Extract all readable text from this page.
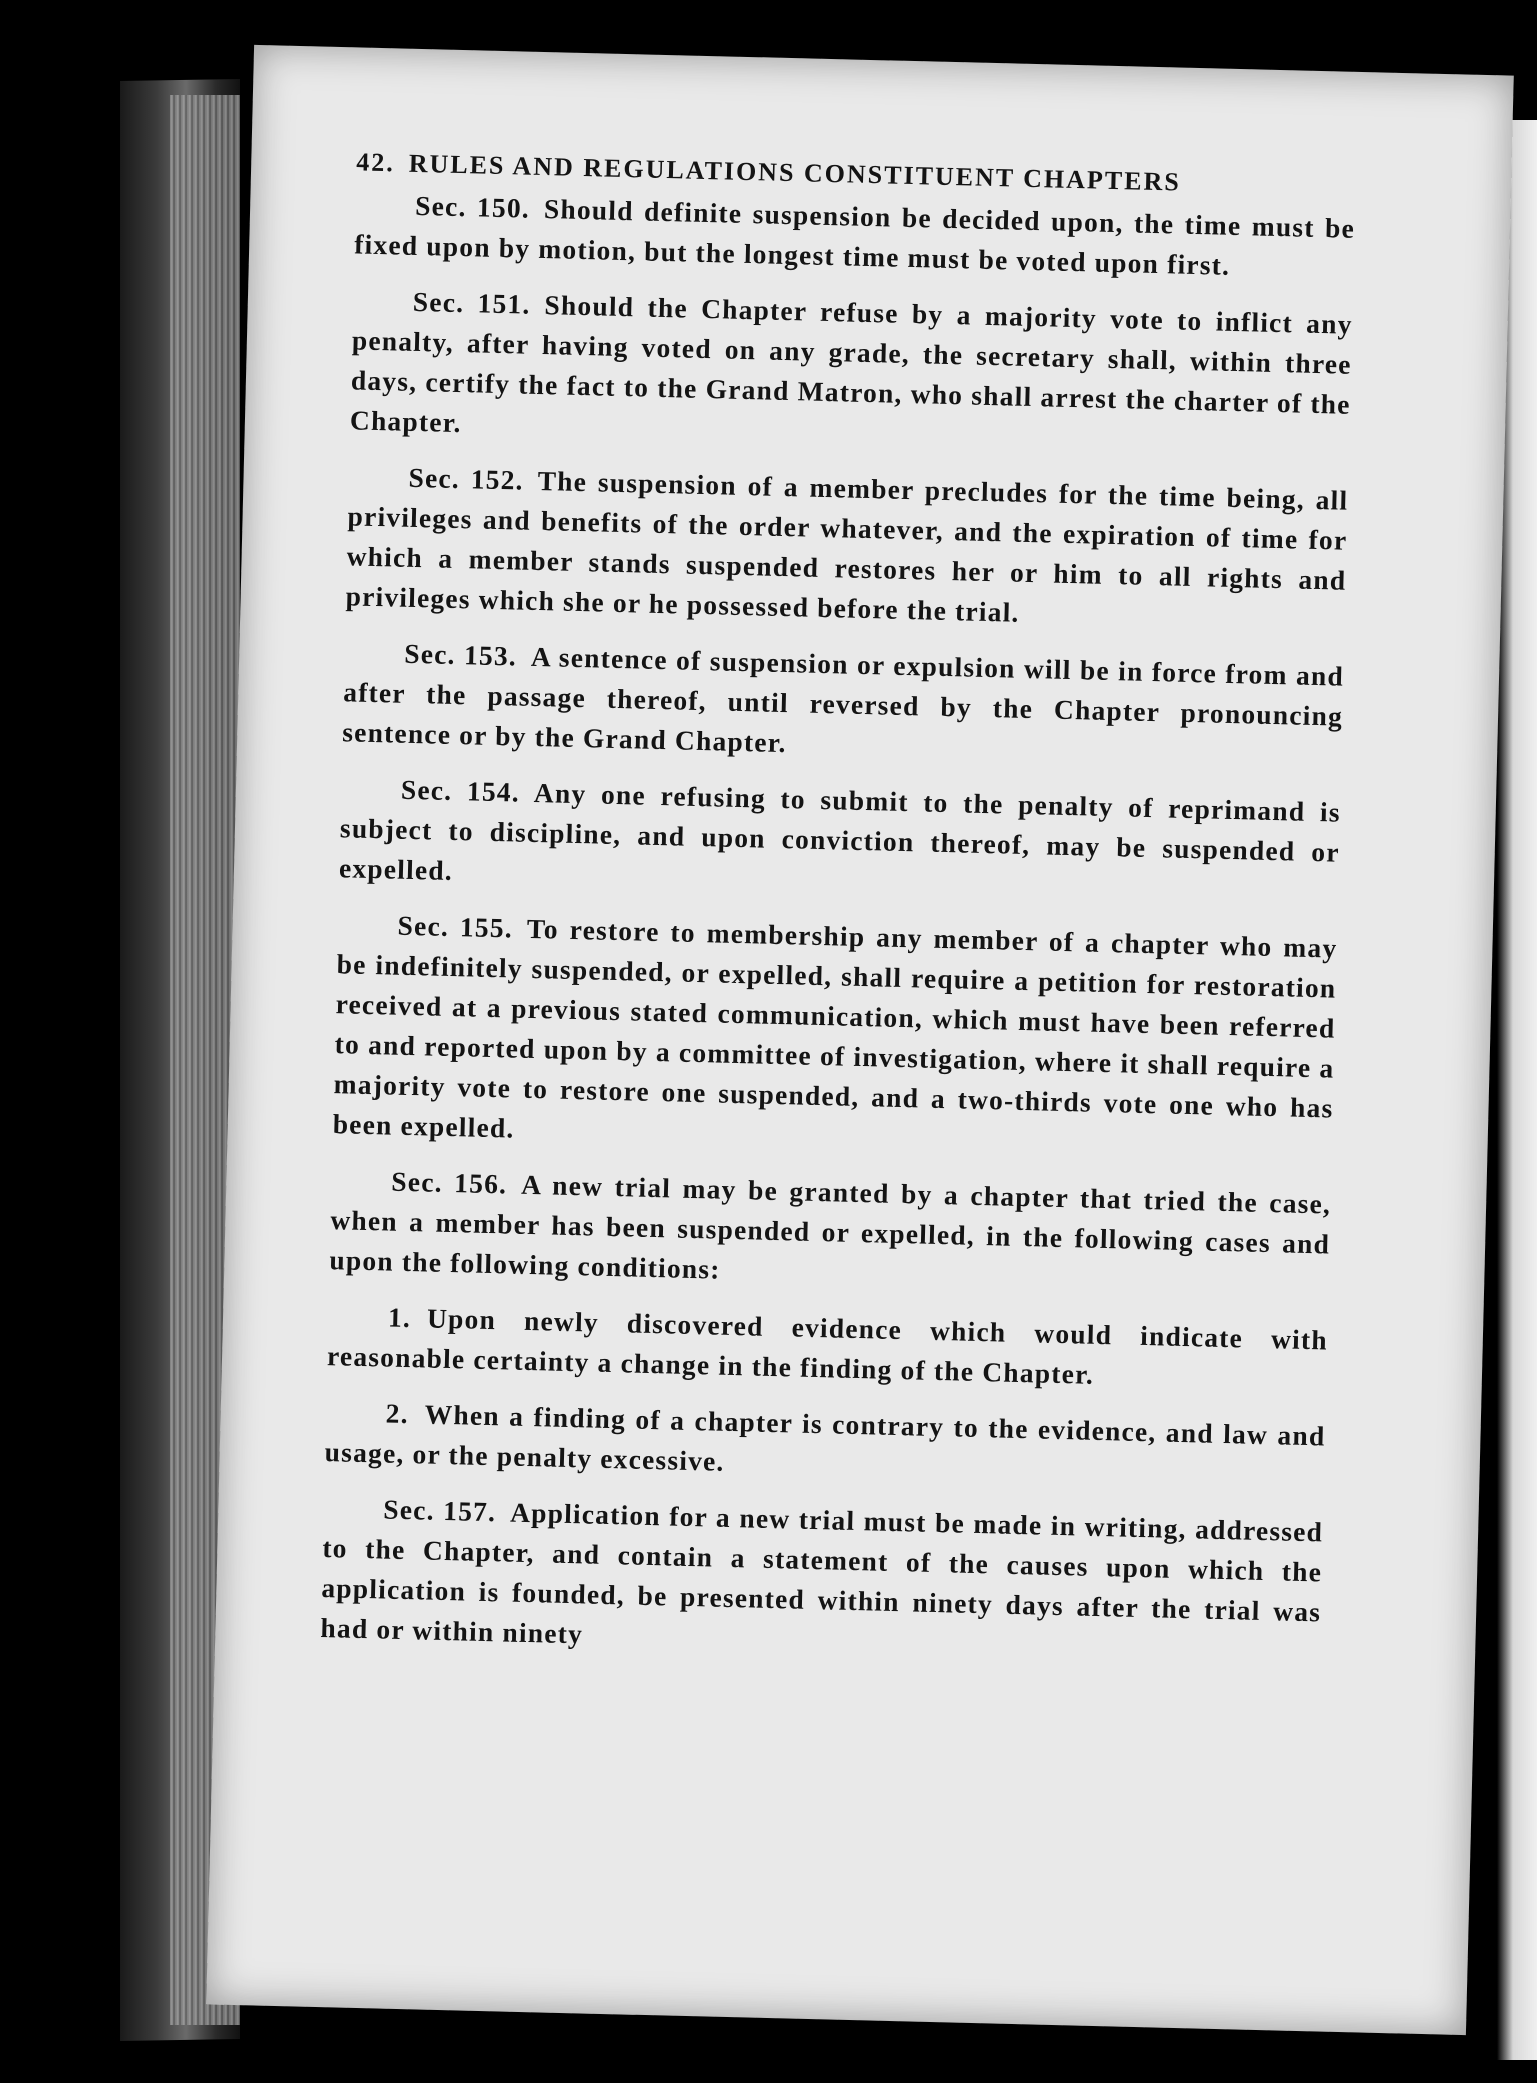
42. RULES AND REGULATIONS CONSTITUENT CHAPTERS

Sec. 150. Should definite suspension be decided upon, the time must be fixed upon by motion, but the longest time must be voted upon first.

Sec. 151. Should the Chapter refuse by a majority vote to inflict any penalty, after having voted on any grade, the secretary shall, within three days, certify the fact to the Grand Matron, who shall arrest the charter of the Chapter.

Sec. 152. The suspension of a member precludes for the time being, all privileges and benefits of the order whatever, and the expiration of time for which a member stands suspended restores her or him to all rights and privileges which she or he possessed before the trial.

Sec. 153. A sentence of suspension or expulsion will be in force from and after the passage thereof, until reversed by the Chapter pronouncing sentence or by the Grand Chapter.

Sec. 154. Any one refusing to submit to the penalty of reprimand is subject to discipline, and upon conviction thereof, may be suspended or expelled.

Sec. 155. To restore to membership any member of a chapter who may be indefinitely suspended, or expelled, shall require a petition for restoration received at a previous stated communication, which must have been referred to and reported upon by a committee of investigation, where it shall require a majority vote to restore one suspended, and a two-thirds vote one who has been expelled.

Sec. 156. A new trial may be granted by a chapter that tried the case, when a member has been suspended or expelled, in the following cases and upon the following conditions:

1. Upon newly discovered evidence which would indicate with reasonable certainty a change in the finding of the Chapter.

2. When a finding of a chapter is contrary to the evidence, and law and usage, or the penalty excessive.

Sec. 157. Application for a new trial must be made in writing, addressed to the Chapter, and contain a statement of the causes upon which the application is founded, be presented within ninety days after the trial was had or within ninety
